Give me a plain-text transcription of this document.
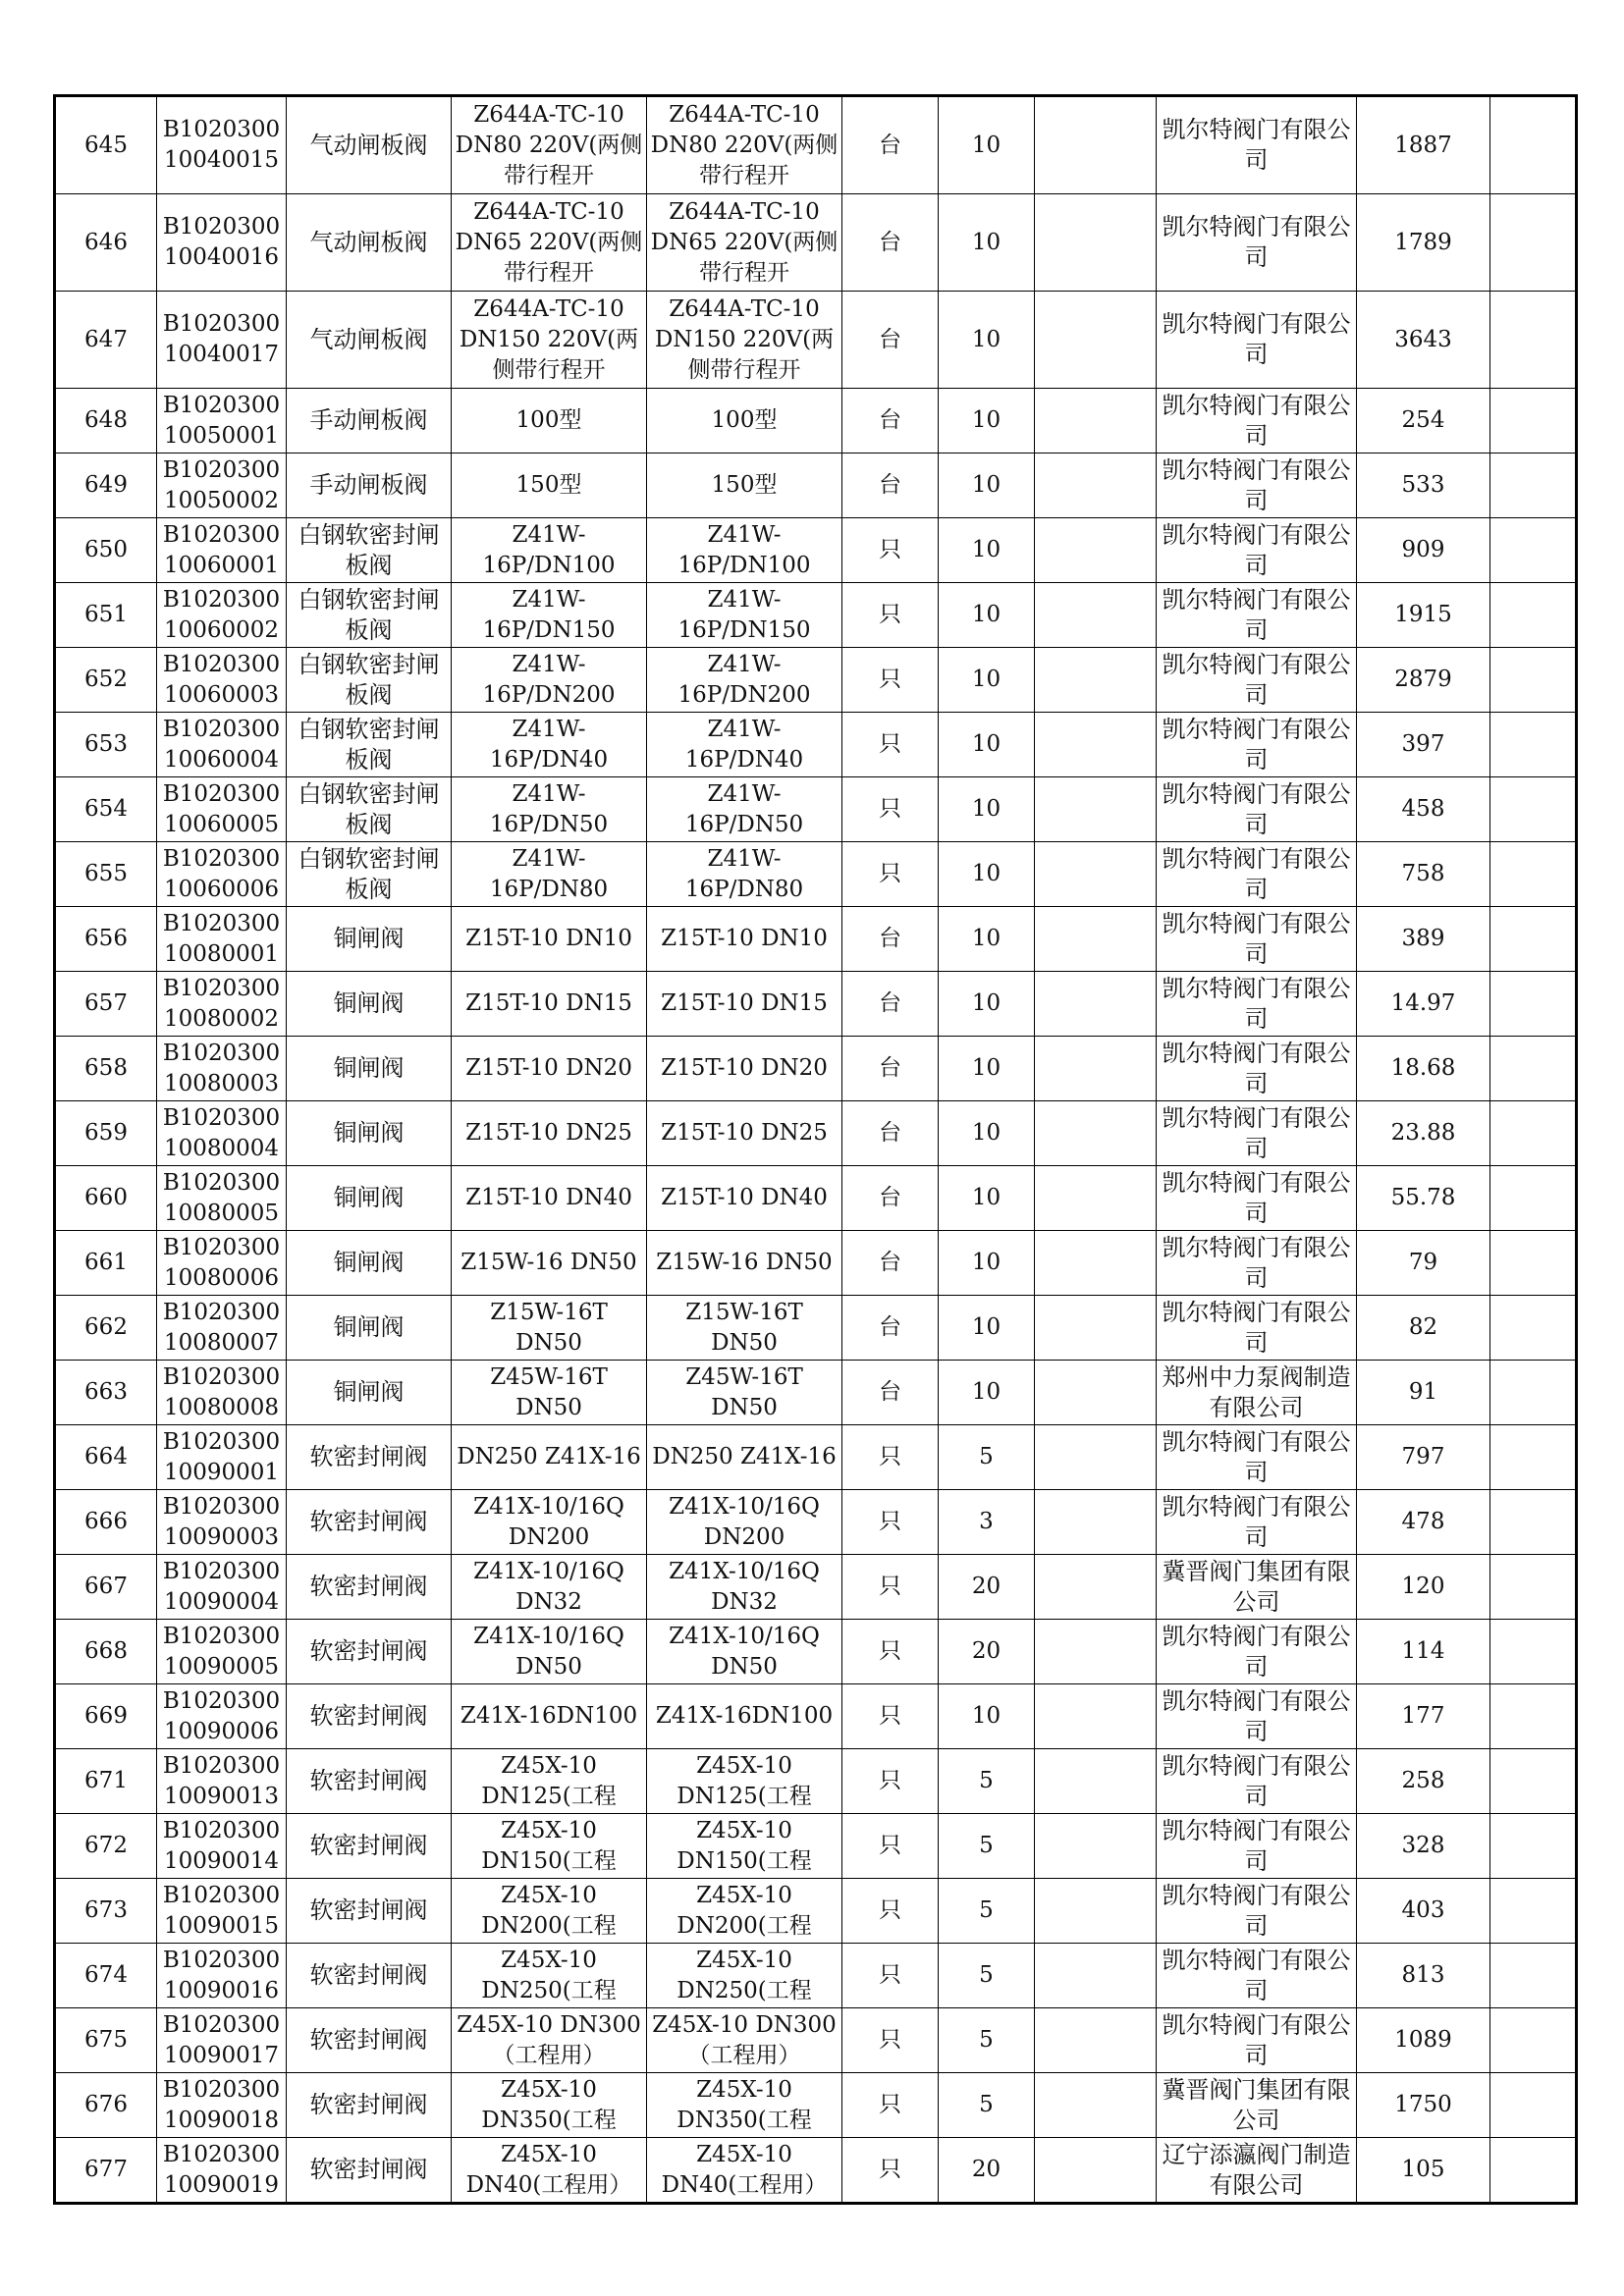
645	B1020300 10040015	气动闸板阀	Z644A-TC-10 DN80 220V(两侧带行程开	Z644A-TC-10 DN80 220V(两侧带行程开	台	10		凯尔特阀门有限公司	1887	

646	B1020300 10040016	气动闸板阀	Z644A-TC-10 DN65 220V(两侧带行程开	Z644A-TC-10 DN65 220V(两侧带行程开	台	10		凯尔特阀门有限公司	1789	

647	B1020300 10040017	气动闸板阀	Z644A-TC-10 DN150 220V(两侧带行程开	Z644A-TC-10 DN150 220V(两侧带行程开	台	10		凯尔特阀门有限公司	3643	

648	B1020300 10050001	手动闸板阀	100型	100型	台	10		凯尔特阀门有限公司	254	

649	B1020300 10050002	手动闸板阀	150型	150型	台	10		凯尔特阀门有限公司	533	

650	B1020300 10060001	白钢软密封闸板阀	Z41W-16P/DN100	Z41W-16P/DN100	只	10		凯尔特阀门有限公司	909	

651	B1020300 10060002	白钢软密封闸板阀	Z41W-16P/DN150	Z41W-16P/DN150	只	10		凯尔特阀门有限公司	1915	

652	B1020300 10060003	白钢软密封闸板阀	Z41W-16P/DN200	Z41W-16P/DN200	只	10		凯尔特阀门有限公司	2879	

653	B1020300 10060004	白钢软密封闸板阀	Z41W-16P/DN40	Z41W-16P/DN40	只	10		凯尔特阀门有限公司	397	

654	B1020300 10060005	白钢软密封闸板阀	Z41W-16P/DN50	Z41W-16P/DN50	只	10		凯尔特阀门有限公司	458	

655	B1020300 10060006	白钢软密封闸板阀	Z41W-16P/DN80	Z41W-16P/DN80	只	10		凯尔特阀门有限公司	758	

656	B1020300 10080001	铜闸阀	Z15T-10 DN10	Z15T-10 DN10	台	10		凯尔特阀门有限公司	389	

657	B1020300 10080002	铜闸阀	Z15T-10 DN15	Z15T-10 DN15	台	10		凯尔特阀门有限公司	14.97	

658	B1020300 10080003	铜闸阀	Z15T-10 DN20	Z15T-10 DN20	台	10		凯尔特阀门有限公司	18.68	

659	B1020300 10080004	铜闸阀	Z15T-10 DN25	Z15T-10 DN25	台	10		凯尔特阀门有限公司	23.88	

660	B1020300 10080005	铜闸阀	Z15T-10 DN40	Z15T-10 DN40	台	10		凯尔特阀门有限公司	55.78	

661	B1020300 10080006	铜闸阀	Z15W-16 DN50	Z15W-16 DN50	台	10		凯尔特阀门有限公司	79	

662	B1020300 10080007	铜闸阀	Z15W-16T DN50	Z15W-16T DN50	台	10		凯尔特阀门有限公司	82	

663	B1020300 10080008	铜闸阀	Z45W-16T DN50	Z45W-16T DN50	台	10		郑州中力泵阀制造有限公司	91	

664	B1020300 10090001	软密封闸阀	DN250 Z41X-16	DN250 Z41X-16	只	5		凯尔特阀门有限公司	797	

666	B1020300 10090003	软密封闸阀	Z41X-10/16Q DN200	Z41X-10/16Q DN200	只	3		凯尔特阀门有限公司	478	

667	B1020300 10090004	软密封闸阀	Z41X-10/16Q DN32	Z41X-10/16Q DN32	只	20		冀晋阀门集团有限公司	120	

668	B1020300 10090005	软密封闸阀	Z41X-10/16Q DN50	Z41X-10/16Q DN50	只	20		凯尔特阀门有限公司	114	

669	B1020300 10090006	软密封闸阀	Z41X-16DN100	Z41X-16DN100	只	10		凯尔特阀门有限公司	177	

671	B1020300 10090013	软密封闸阀	Z45X-10 DN125(工程	Z45X-10 DN125(工程	只	5		凯尔特阀门有限公司	258	

672	B1020300 10090014	软密封闸阀	Z45X-10 DN150(工程	Z45X-10 DN150(工程	只	5		凯尔特阀门有限公司	328	

673	B1020300 10090015	软密封闸阀	Z45X-10 DN200(工程	Z45X-10 DN200(工程	只	5		凯尔特阀门有限公司	403	

674	B1020300 10090016	软密封闸阀	Z45X-10 DN250(工程	Z45X-10 DN250(工程	只	5		凯尔特阀门有限公司	813	

675	B1020300 10090017	软密封闸阀	Z45X-10 DN300（工程用）	Z45X-10 DN300（工程用）	只	5		凯尔特阀门有限公司	1089	

676	B1020300 10090018	软密封闸阀	Z45X-10 DN350(工程	Z45X-10 DN350(工程	只	5		冀晋阀门集团有限公司	1750	

677	B1020300 10090019	软密封闸阀	Z45X-10 DN40(工程用）	Z45X-10 DN40(工程用）	只	20		辽宁添瀛阀门制造有限公司	105	
